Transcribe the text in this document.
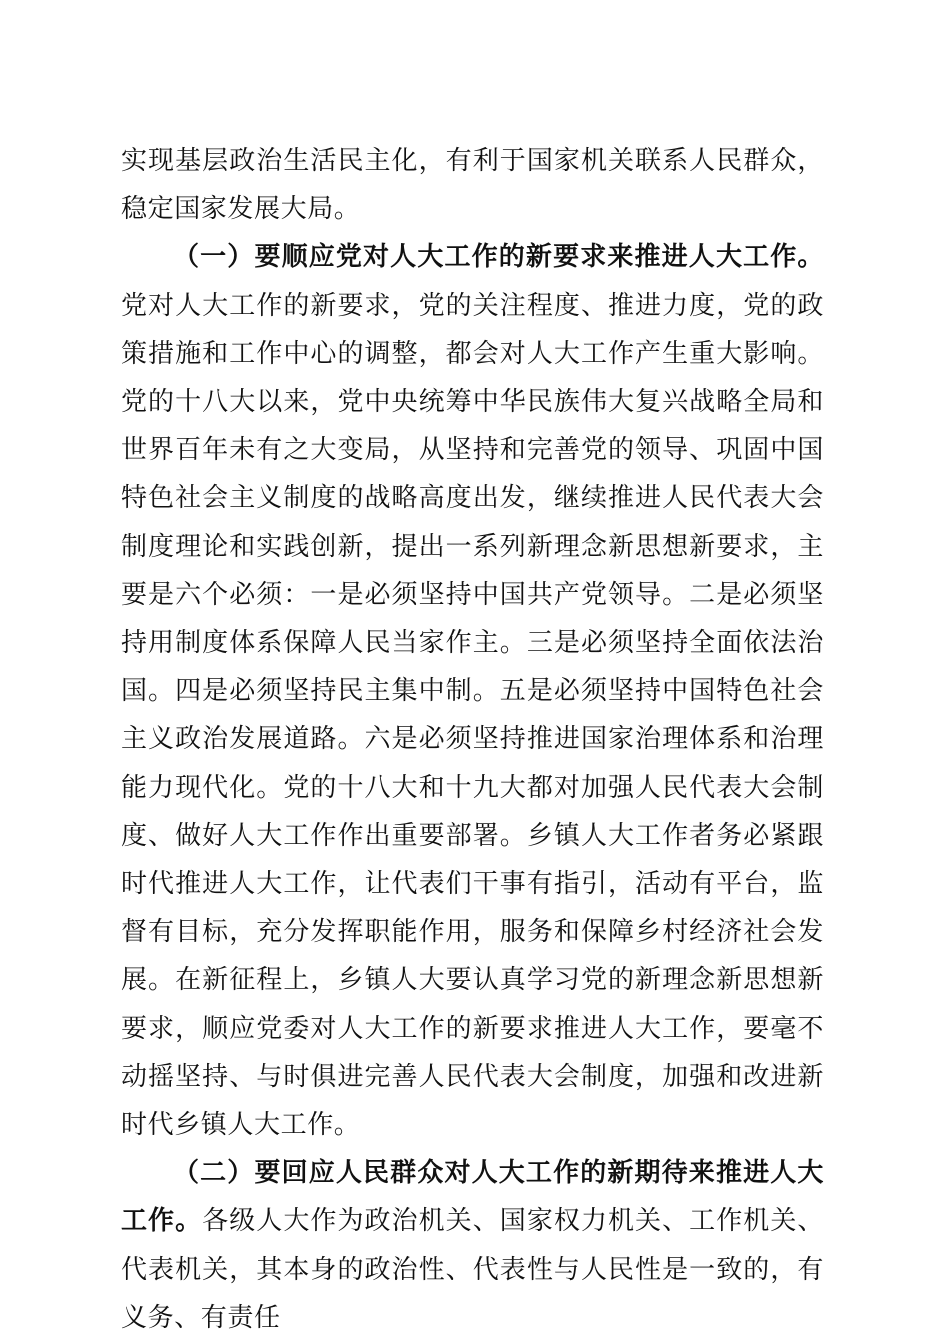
实现基层政治生活民主化，有利于国家机关联系人民群众，稳定国家发展大局。

（一）要顺应党对人大工作的新要求来推进人大工作。党对人大工作的新要求，党的关注程度、推进力度，党的政策措施和工作中心的调整，都会对人大工作产生重大影响。党的十八大以来，党中央统筹中华民族伟大复兴战略全局和世界百年未有之大变局，从坚持和完善党的领导、巩固中国特色社会主义制度的战略高度出发，继续推进人民代表大会制度理论和实践创新，提出一系列新理念新思想新要求，主要是六个必须：一是必须坚持中国共产党领导。二是必须坚持用制度体系保障人民当家作主。三是必须坚持全面依法治国。四是必须坚持民主集中制。五是必须坚持中国特色社会主义政治发展道路。六是必须坚持推进国家治理体系和治理能力现代化。党的十八大和十九大都对加强人民代表大会制度、做好人大工作作出重要部署。乡镇人大工作者务必紧跟时代推进人大工作，让代表们干事有指引，活动有平台，监督有目标，充分发挥职能作用，服务和保障乡村经济社会发展。在新征程上，乡镇人大要认真学习党的新理念新思想新要求，顺应党委对人大工作的新要求推进人大工作，要毫不动摇坚持、与时俱进完善人民代表大会制度，加强和改进新时代乡镇人大工作。

（二）要回应人民群众对人大工作的新期待来推进人大工作。各级人大作为政治机关、国家权力机关、工作机关、代表机关，其本身的政治性、代表性与人民性是一致的，有义务、有责任
